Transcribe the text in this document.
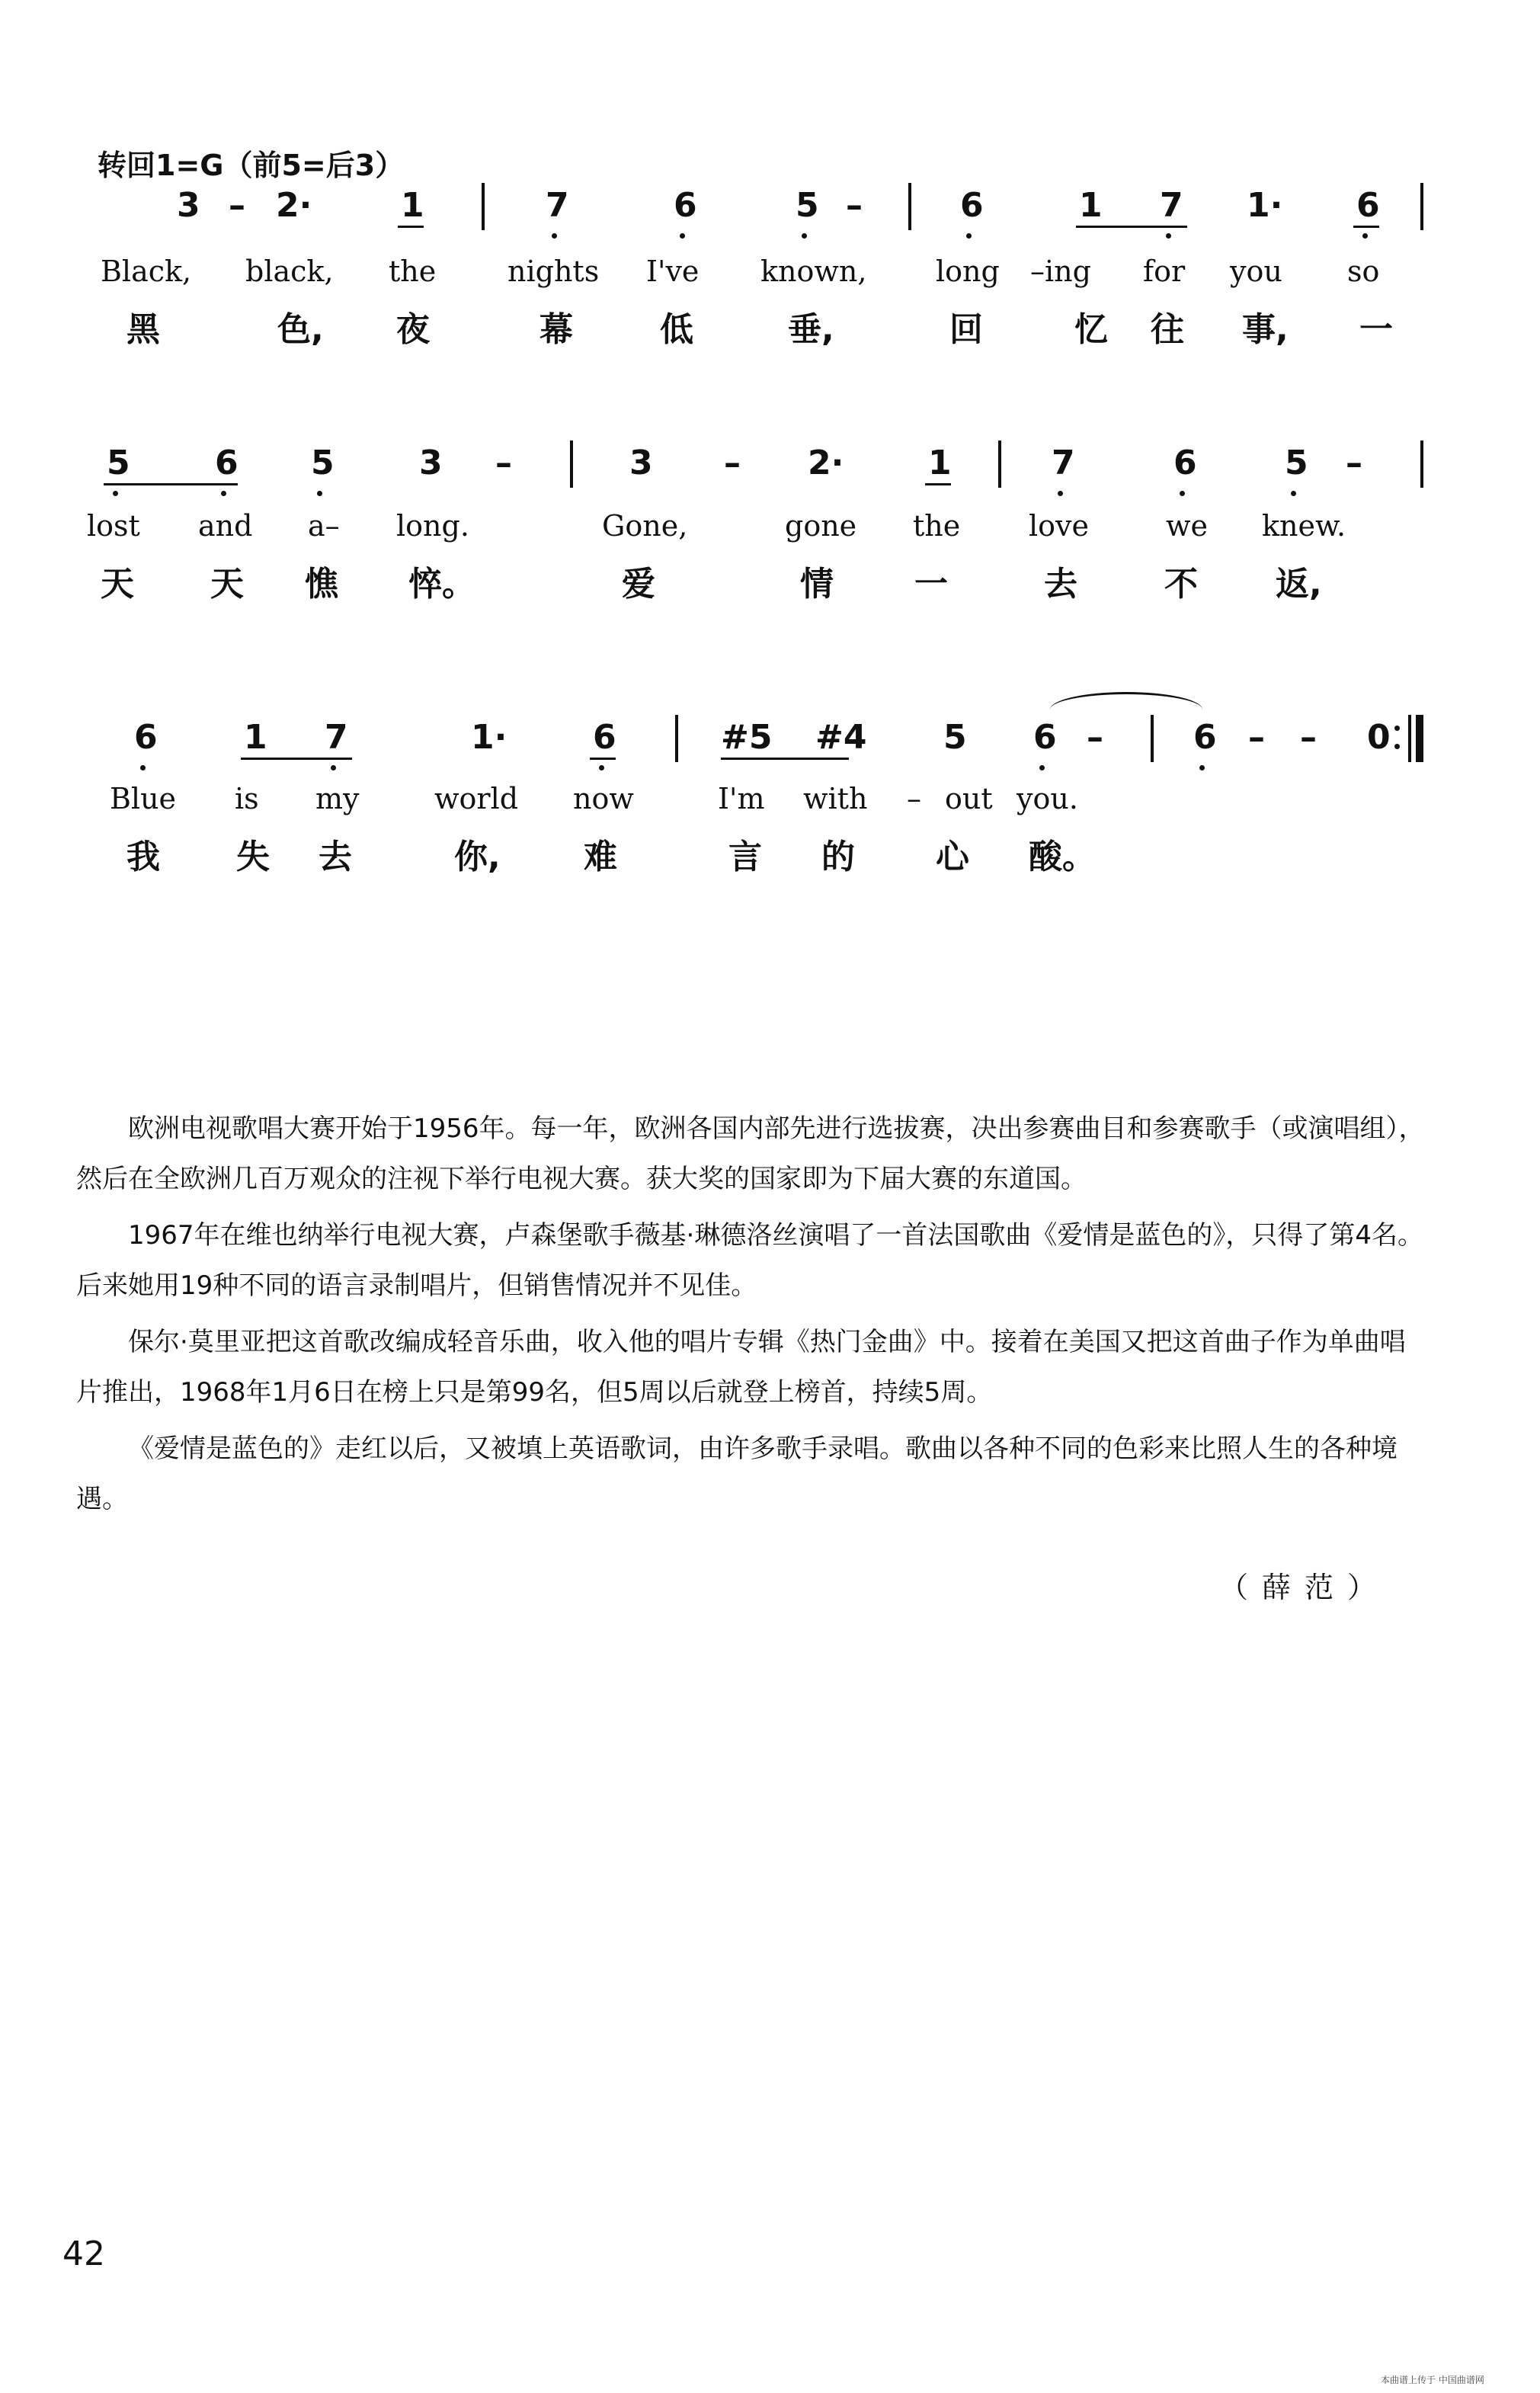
转回1=G（前5=后3）
3 – 2·	1	7	6	5 –	6	1 7 1· 6
Black, black, the nights I've known, long –ing for you so
黑	色, 夜	幕	低	垂,	回	忆 往 事, 一
5	6 5	3 –	3 – 2·	1	7	6	5 –
lost and a– long.	Gone,	gone the love	we knew.
天 天 憔 悴。	爱	情 一	去	不 返,
6	1 7	1·	6	#5 #4 5 6 –	6 – – 0
Blue is my	world now	I'm with – out you.
我 失 去	你, 难	言 的 心 酸。

欧洲电视歌唱大赛开始于1956年。每一年，欧洲各国内部先进行选拔赛，决出参赛曲目和参赛歌手（或演唱组），然后在全欧洲几百万观众的注视下举行电视大赛。获大奖的国家即为下届大赛的东道国。

1967年在维也纳举行电视大赛，卢森堡歌手薇基·琳德洛丝演唱了一首法国歌曲《爱情是蓝色的》，只得了第4名。后来她用19种不同的语言录制唱片，但销售情况并不见佳。

保尔·莫里亚把这首歌改编成轻音乐曲，收入他的唱片专辑《热门金曲》中。接着在美国又把这首曲子作为单曲唱片推出，1968年1月6日在榜上只是第99名，但5周以后就登上榜首，持续5周。

《爱情是蓝色的》走红以后，又被填上英语歌词，由许多歌手录唱。歌曲以各种不同的色彩来比照人生的各种境遇。

（薛范）
42
本曲谱上传于 中国曲谱网
